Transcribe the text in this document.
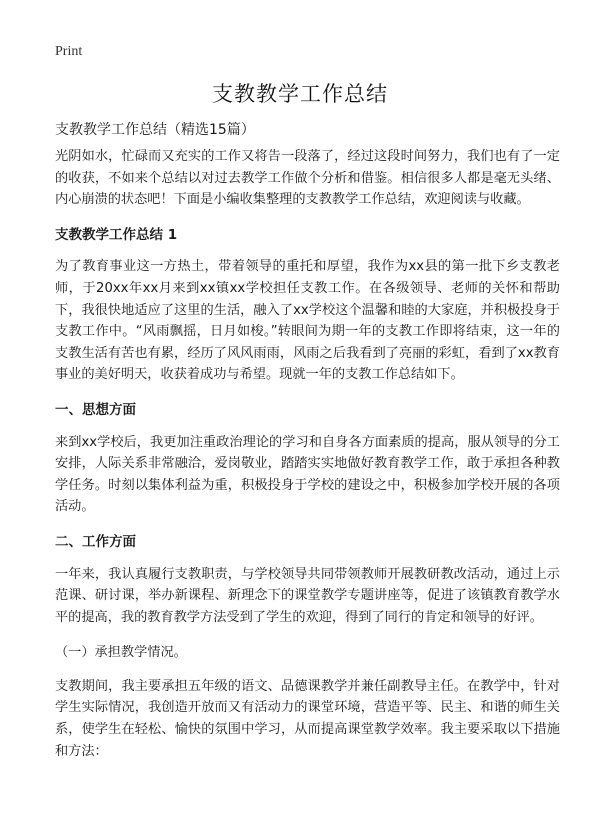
Print
支教教学工作总结

支教教学工作总结（精选15篇）

光阴如水，忙碌而又充实的工作又将告一段落了，经过这段时间努力，我们也有了一定的收获，不如来个总结以对过去教学工作做个分析和借鉴。相信很多人都是毫无头绪、内心崩溃的状态吧！下面是小编收集整理的支教教学工作总结，欢迎阅读与收藏。

支教教学工作总结 1

为了教育事业这一方热土，带着领导的重托和厚望，我作为xx县的第一批下乡支教老师，于20xx年xx月来到xx镇xx学校担任支教工作。在各级领导、老师的关怀和帮助下，我很快地适应了这里的生活，融入了xx学校这个温馨和睦的大家庭，并积极投身于支教工作中。“风雨飘摇，日月如梭。”转眼间为期一年的支教工作即将结束，这一年的支教生活有苦也有累，经历了风风雨雨，风雨之后我看到了亮丽的彩虹，看到了xx教育事业的美好明天，收获着成功与希望。现就一年的支教工作总结如下。

一、思想方面

来到xx学校后，我更加注重政治理论的学习和自身各方面素质的提高，服从领导的分工安排，人际关系非常融洽，爱岗敬业，踏踏实实地做好教育教学工作，敢于承担各种教学任务。时刻以集体利益为重，积极投身于学校的建设之中，积极参加学校开展的各项活动。

二、工作方面

一年来，我认真履行支教职责，与学校领导共同带领教师开展教研教改活动，通过上示范课、研讨课，举办新课程、新理念下的课堂教学专题讲座等，促进了该镇教育教学水平的提高，我的教育教学方法受到了学生的欢迎，得到了同行的肯定和领导的好评。

（一）承担教学情况。

支教期间，我主要承担五年级的语文、品德课教学并兼任副教导主任。在教学中，针对学生实际情况，我创造开放而又有活动力的课堂环境，营造平等、民主、和谐的师生关系，使学生在轻松、愉快的氛围中学习，从而提高课堂教学效率。我主要采取以下措施和方法：
